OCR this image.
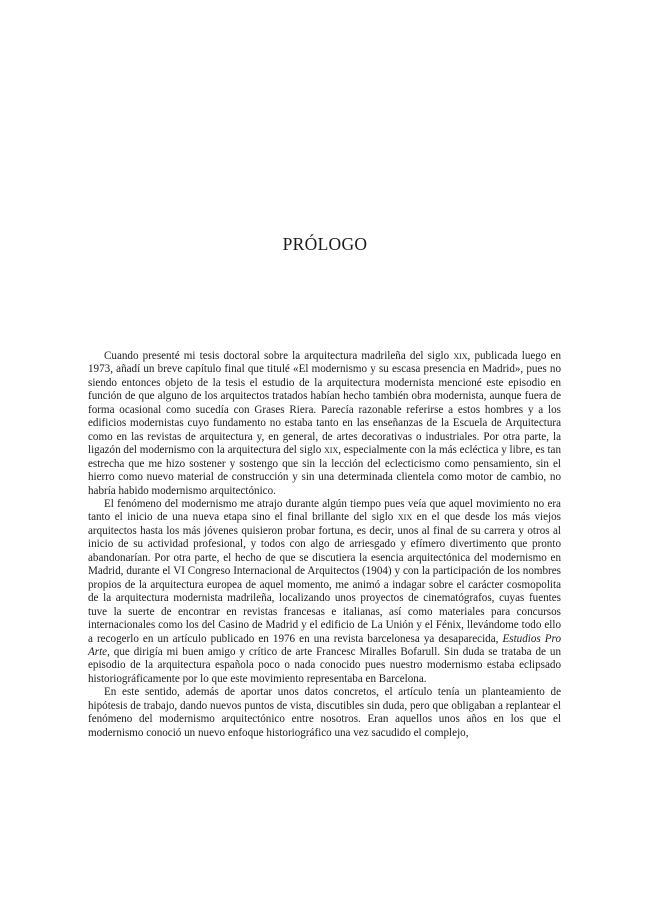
PRÓLOGO

Cuando presenté mi tesis doctoral sobre la arquitectura madrileña del siglo xix, publicada luego en 1973, añadí un breve capítulo final que titulé «El modernismo y su escasa presencia en Madrid», pues no siendo entonces objeto de la tesis el estudio de la arquitectura modernista mencioné este episodio en función de que alguno de los arquitectos tratados habían hecho también obra modernista, aunque fuera de forma ocasional como sucedía con Grases Riera. Parecía razonable referirse a estos hombres y a los edificios modernistas cuyo fundamento no estaba tanto en las enseñanzas de la Escuela de Arquitectura como en las revistas de arquitectura y, en general, de artes decorativas o industriales. Por otra parte, la ligazón del modernismo con la arquitectura del siglo xix, especialmente con la más ecléctica y libre, es tan estrecha que me hizo sostener y sostengo que sin la lección del eclecticismo como pensamiento, sin el hierro como nuevo material de construcción y sin una determinada clientela como motor de cambio, no habría habido modernismo arquitectónico.

El fenómeno del modernismo me atrajo durante algún tiempo pues veía que aquel movimiento no era tanto el inicio de una nueva etapa sino el final brillante del siglo xix en el que desde los más viejos arquitectos hasta los más jóvenes quisieron probar fortuna, es decir, unos al final de su carrera y otros al inicio de su actividad profesional, y todos con algo de arriesgado y efímero divertimento que pronto abandonarían. Por otra parte, el hecho de que se discutiera la esencia arquitectónica del modernismo en Madrid, durante el VI Congreso Internacional de Arquitectos (1904) y con la participación de los nombres propios de la arquitectura europea de aquel momento, me animó a indagar sobre el carácter cosmopolita de la arquitectura modernista madrileña, localizando unos proyectos de cinematógrafos, cuyas fuentes tuve la suerte de encontrar en revistas francesas e italianas, así como materiales para concursos internacionales como los del Casino de Madrid y el edificio de La Unión y el Fénix, llevándome todo ello a recogerlo en un artículo publicado en 1976 en una revista barcelonesa ya desaparecida, Estudios Pro Arte, que dirigía mi buen amigo y crítico de arte Francesc Miralles Bofarull. Sin duda se trataba de un episodio de la arquitectura española poco o nada conocido pues nuestro modernismo estaba eclipsado historiográficamente por lo que este movimiento representaba en Barcelona.

En este sentido, además de aportar unos datos concretos, el artículo tenía un planteamiento de hipótesis de trabajo, dando nuevos puntos de vista, discutibles sin duda, pero que obligaban a replantear el fenómeno del modernismo arquitectónico entre nosotros. Eran aquellos unos años en los que el modernismo conoció un nuevo enfoque historiográfico una vez sacudido el complejo,
